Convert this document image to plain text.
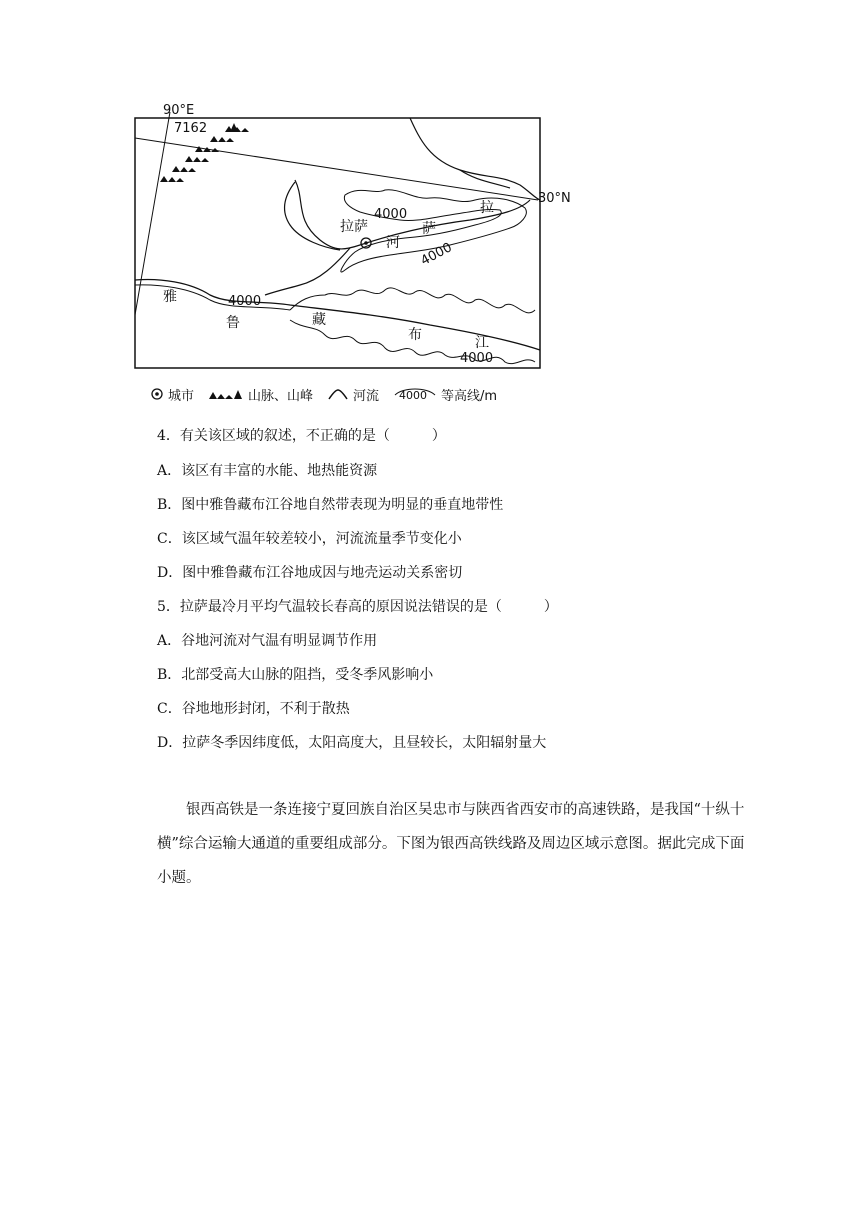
90°E
7162
30°N
拉萨
拉
萨
河
雅
鲁	藏
布	江
4000
4000
4000
4000
城市	山脉、山峰	河流 4000 等高线/m
4．有关该区域的叙述，不正确的是（　　　）
A．该区有丰富的水能、地热能资源
B．图中雅鲁藏布江谷地自然带表现为明显的垂直地带性
C．该区域气温年较差较小，河流流量季节变化小
D．图中雅鲁藏布江谷地成因与地壳运动关系密切
5．拉萨最冷月平均气温较长春高的原因说法错误的是（　　　）
A．谷地河流对气温有明显调节作用
B．北部受高大山脉的阻挡，受冬季风影响小
C．谷地地形封闭，不利于散热
D．拉萨冬季因纬度低，太阳高度大，且昼较长，太阳辐射量大
银西高铁是一条连接宁夏回族自治区吴忠市与陕西省西安市的高速铁路，是我国“十纵十横”综合运输大通道的重要组成部分。下图为银西高铁线路及周边区域示意图。据此完成下面小题。
